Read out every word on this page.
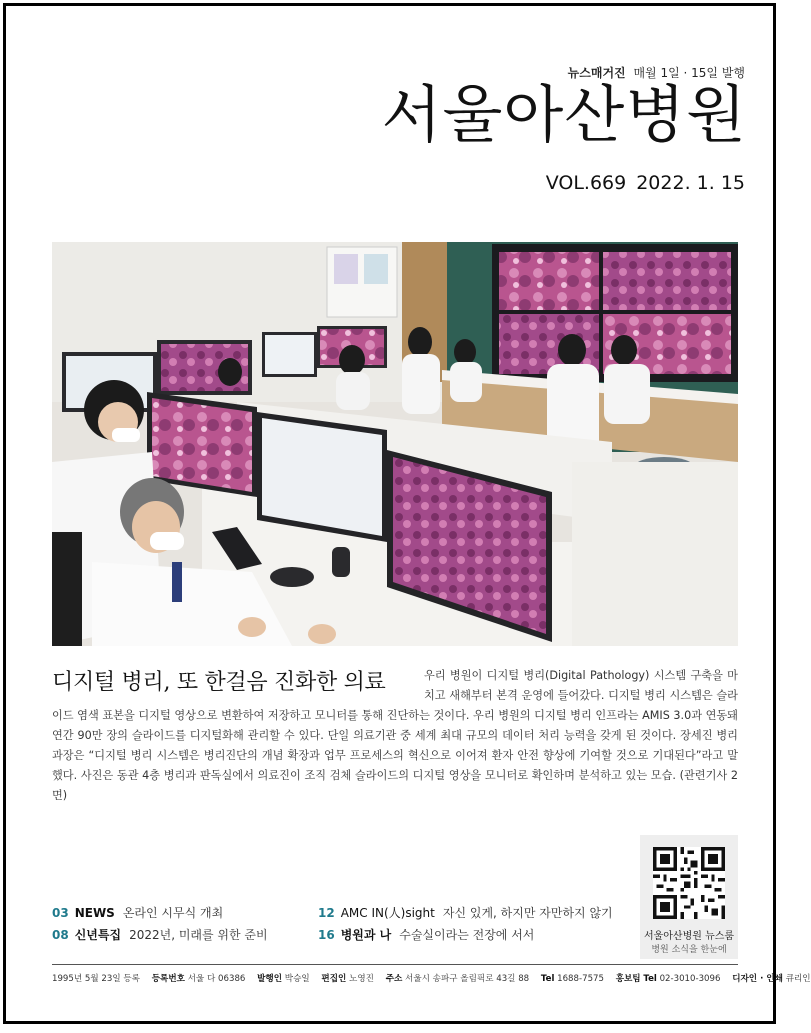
뉴스매거진 매월 1일 · 15일 발행
서울아산병원
VOL.669 2022. 1. 15
우리 병원이 디지털 병리(Digital Pathology) 시스템 구축을 마치고 새해부터 본격 운영에 들어갔다. 디지털 병리 시스템은 슬라이드 염색 표본을 디지털 영상으로 변환하여 저장하고 모니터를 통해 진단하는 것이다. 우리 병원의 디지털 병리 인프라는 AMIS 3.0과 연동돼 연간 90만 장의 슬라이드를 디지털화해 관리할 수 있다. 단일 의료기관 중 세계 최대 규모의 데이터 처리 능력을 갖게 된 것이다. 장세진 병리과장은 “디지털 병리 시스템은 병리진단의 개념 확장과 업무 프로세스의 혁신으로 이어져 환자 안전 향상에 기여할 것으로 기대된다”라고 말했다. 사진은 동관 4층 병리과 판독실에서 의료진이 조직 검체 슬라이드의 디지털 영상을 모니터로 확인하며 분석하고 있는 모습. (관련기사 2면)
디지털 병리, 또 한걸음 진화한 의료
03 NEWS 온라인 시무식 개최
08 신년특집 2022년, 미래를 위한 준비
12 AMC IN(人)sight 자신 있게, 하지만 자만하지 않기
16 병원과 나 수술실이라는 전장에 서서	서울아산병원 뉴스룸
병원 소식을 한눈에
1995년 5월 23일 등록 등록번호 서울 다 06386 발행인 박승일 편집인 노영진 주소 서울시 송파구 올림픽로 43길 88 Tel 1688-7575 홍보팀 Tel 02-3010-3096 디자인 · 인쇄 큐리인
